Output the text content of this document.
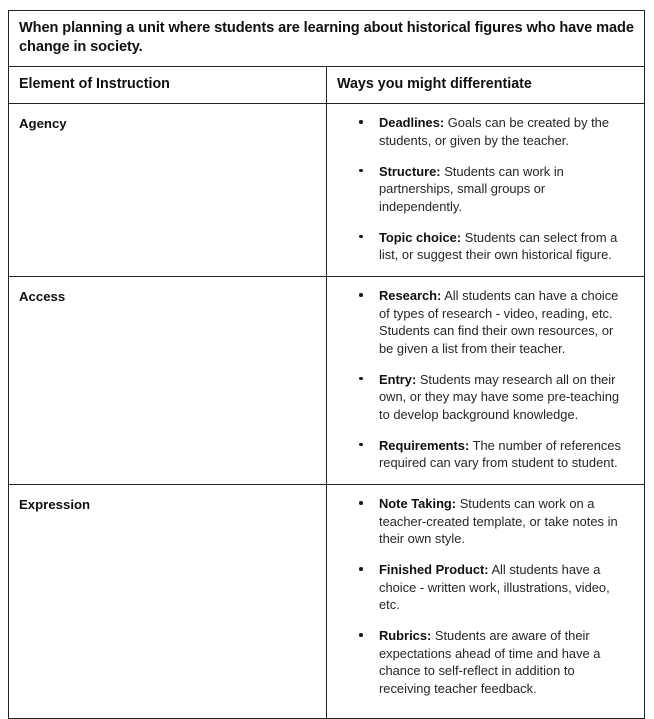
When planning a unit where students are learning about historical figures who have made change in society.	
Element of Instruction	Ways you might differentiate
Agency	Deadlines: Goals can be created by the students, or given by the teacher.
Structure: Students can work in partnerships, small groups or independently.
Topic choice: Students can select from a list, or suggest their own historical figure.

Access	Research: All students can have a choice of types of research - video, reading, etc. Students can find their own resources, or be given a list from their teacher.
Entry: Students may research all on their own, or they may have some pre-teaching to develop background knowledge.
Requirements: The number of references required can vary from student to student.

Expression	Note Taking: Students can work on a teacher-created template, or take notes in their own style.
Finished Product: All students have a choice - written work, illustrations, video, etc.
Rubrics: Students are aware of their expectations ahead of time and have a chance to self-reflect in addition to receiving teacher feedback.
